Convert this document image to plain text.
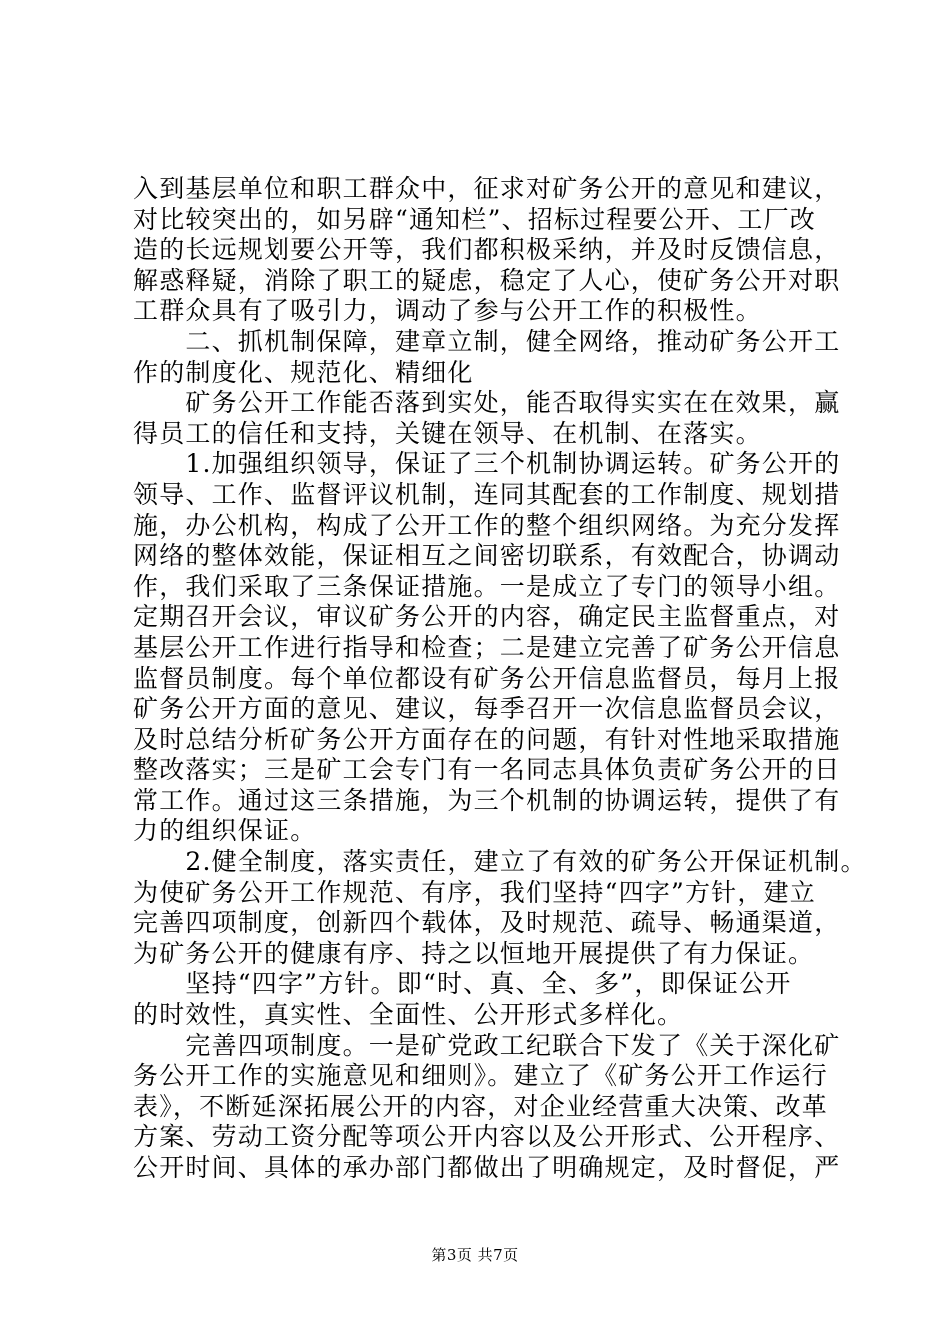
入到基层单位和职工群众中，征求对矿务公开的意见和建议，
对比较突出的，如另辟“通知栏”、招标过程要公开、工厂改
造的长远规划要公开等，我们都积极采纳，并及时反馈信息，
解惑释疑，消除了职工的疑虑，稳定了人心，使矿务公开对职
工群众具有了吸引力，调动了参与公开工作的积极性。
　　二、抓机制保障，建章立制，健全网络，推动矿务公开工
作的制度化、规范化、精细化
　　矿务公开工作能否落到实处，能否取得实实在在效果，赢
得员工的信任和支持，关键在领导、在机制、在落实。
　　1.加强组织领导，保证了三个机制协调运转。矿务公开的
领导、工作、监督评议机制，连同其配套的工作制度、规划措
施，办公机构，构成了公开工作的整个组织网络。为充分发挥
网络的整体效能，保证相互之间密切联系，有效配合，协调动
作，我们采取了三条保证措施。一是成立了专门的领导小组。
定期召开会议，审议矿务公开的内容，确定民主监督重点，对
基层公开工作进行指导和检查；二是建立完善了矿务公开信息
监督员制度。每个单位都设有矿务公开信息监督员，每月上报
矿务公开方面的意见、建议，每季召开一次信息监督员会议，
及时总结分析矿务公开方面存在的问题，有针对性地采取措施
整改落实；三是矿工会专门有一名同志具体负责矿务公开的日
常工作。通过这三条措施，为三个机制的协调运转，提供了有
力的组织保证。
　　2.健全制度，落实责任，建立了有效的矿务公开保证机制。
为使矿务公开工作规范、有序，我们坚持“四字”方针，建立
完善四项制度，创新四个载体，及时规范、疏导、畅通渠道，
为矿务公开的健康有序、持之以恒地开展提供了有力保证。
　　坚持“四字”方针。即“时、真、全、多”，即保证公开
的时效性，真实性、全面性、公开形式多样化。
　　完善四项制度。一是矿党政工纪联合下发了《关于深化矿
务公开工作的实施意见和细则》。建立了《矿务公开工作运行
表》，不断延深拓展公开的内容，对企业经营重大决策、改革
方案、劳动工资分配等项公开内容以及公开形式、公开程序、
公开时间、具体的承办部门都做出了明确规定，及时督促，严
第3页 共7页
